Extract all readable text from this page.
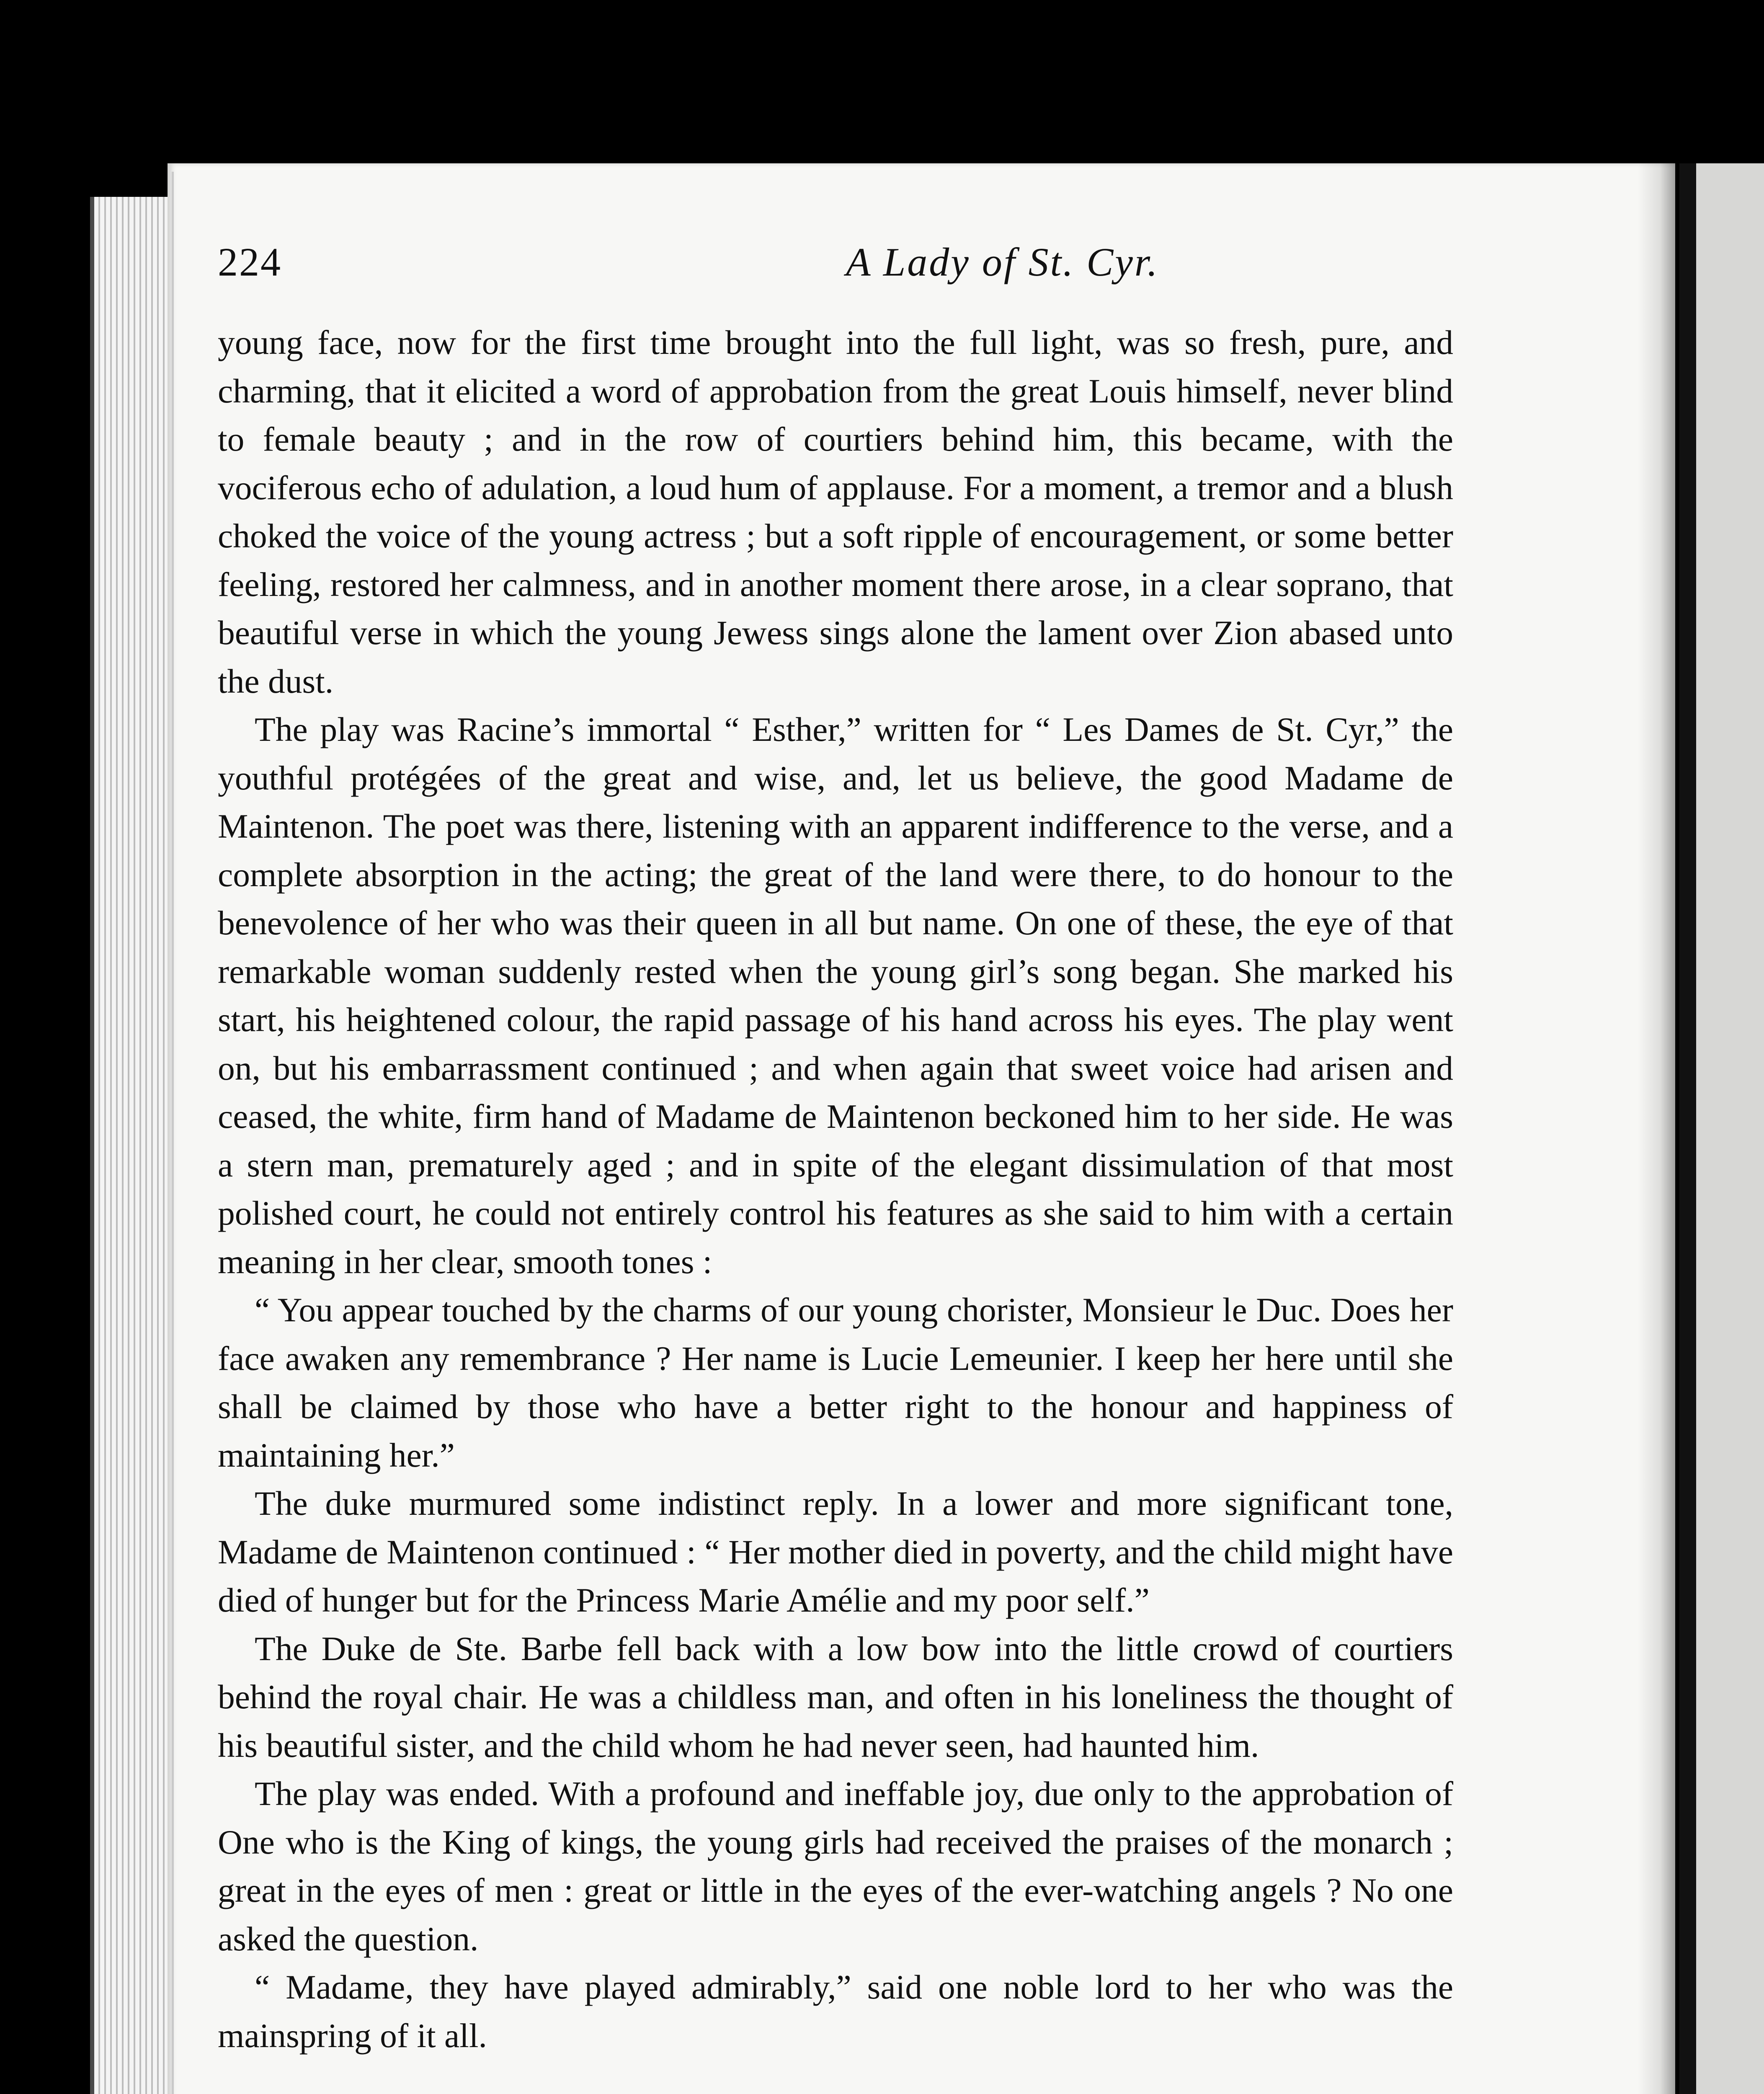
224	A Lady of St. Cyr.

young face, now for the first time brought into the full light, was so fresh, pure, and charming, that it elicited a word of approbation from the great Louis himself, never blind to female beauty ; and in the row of courtiers behind him, this became, with the vociferous echo of adulation, a loud hum of applause. For a moment, a tremor and a blush choked the voice of the young actress ; but a soft ripple of encouragement, or some better feeling, restored her calmness, and in another moment there arose, in a clear soprano, that beautiful verse in which the young Jewess sings alone the lament over Zion abased unto the dust.

The play was Racine’s immortal “ Esther,” written for “ Les Dames de St. Cyr,” the youthful protégées of the great and wise, and, let us believe, the good Madame de Maintenon. The poet was there, listening with an apparent indifference to the verse, and a complete absorption in the acting; the great of the land were there, to do honour to the benevolence of her who was their queen in all but name. On one of these, the eye of that remarkable woman suddenly rested when the young girl’s song began. She marked his start, his heightened colour, the rapid passage of his hand across his eyes. The play went on, but his embarrassment continued ; and when again that sweet voice had arisen and ceased, the white, firm hand of Madame de Maintenon beckoned him to her side. He was a stern man, prematurely aged ; and in spite of the elegant dissimulation of that most polished court, he could not entirely control his features as she said to him with a certain meaning in her clear, smooth tones :

“ You appear touched by the charms of our young chorister, Monsieur le Duc. Does her face awaken any remembrance ? Her name is Lucie Lemeunier. I keep her here until she shall be claimed by those who have a better right to the honour and happiness of maintaining her.”

The duke murmured some indistinct reply. In a lower and more significant tone, Madame de Maintenon continued : “ Her mother died in poverty, and the child might have died of hunger but for the Princess Marie Amélie and my poor self.”

The Duke de Ste. Barbe fell back with a low bow into the little crowd of courtiers behind the royal chair. He was a childless man, and often in his loneliness the thought of his beautiful sister, and the child whom he had never seen, had haunted him.

The play was ended. With a profound and ineffable joy, due only to the approbation of One who is the King of kings, the young girls had received the praises of the monarch ; great in the eyes of men : great or little in the eyes of the ever-watching angels ? No one asked the question.

“ Madame, they have played admirably,” said one noble lord to her who was the mainspring of it all.
